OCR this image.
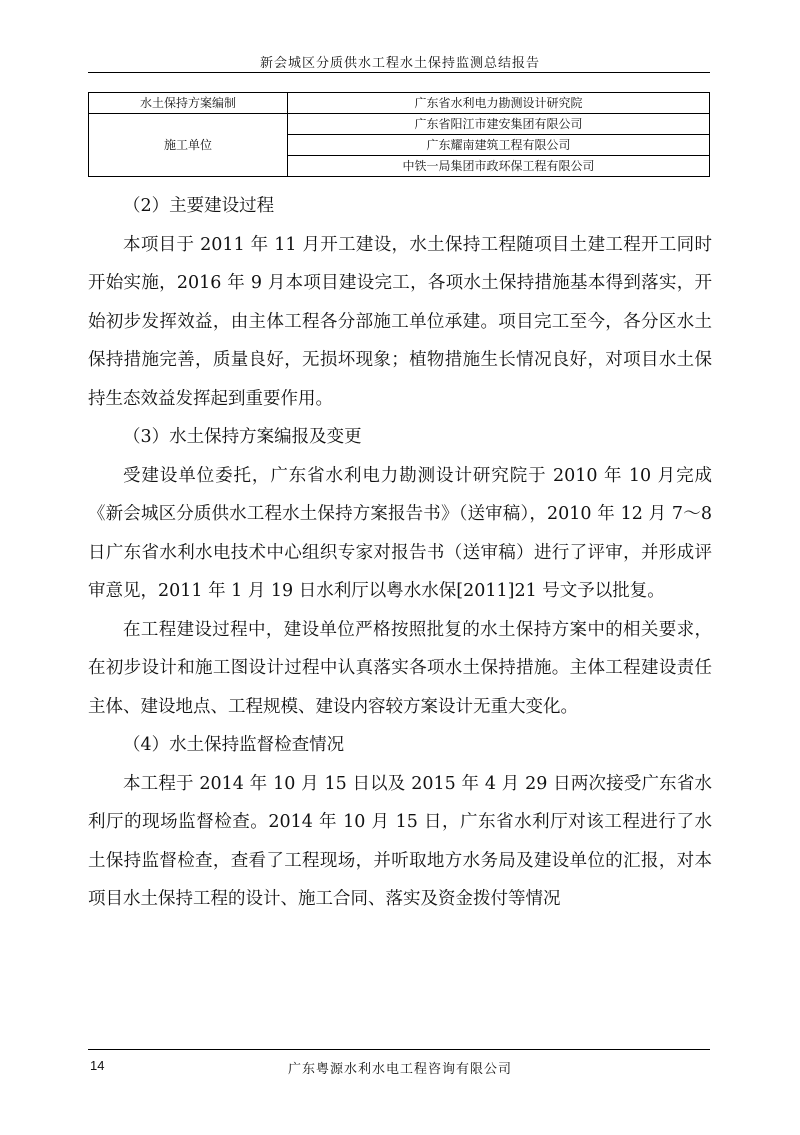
新会城区分质供水工程水土保持监测总结报告
水土保持方案编制	广东省水利电力勘测设计研究院
施工单位	广东省阳江市建安集团有限公司
	广东耀南建筑工程有限公司
	中铁一局集团市政环保工程有限公司

（2）主要建设过程

本项目于 2011 年 11 月开工建设，水土保持工程随项目土建工程开工同时开始实施，2016 年 9 月本项目建设完工，各项水土保持措施基本得到落实，开始初步发挥效益，由主体工程各分部施工单位承建。项目完工至今，各分区水土保持措施完善，质量良好，无损坏现象；植物措施生长情况良好，对项目水土保持生态效益发挥起到重要作用。

（3）水土保持方案编报及变更

受建设单位委托，广东省水利电力勘测设计研究院于 2010 年 10 月完成《新会城区分质供水工程水土保持方案报告书》（送审稿），2010 年 12 月 7～8 日广东省水利水电技术中心组织专家对报告书（送审稿）进行了评审，并形成评审意见，2011 年 1 月 19 日水利厅以粤水水保[2011]21 号文予以批复。

在工程建设过程中，建设单位严格按照批复的水土保持方案中的相关要求，在初步设计和施工图设计过程中认真落实各项水土保持措施。主体工程建设责任主体、建设地点、工程规模、建设内容较方案设计无重大变化。

（4）水土保持监督检查情况

本工程于 2014 年 10 月 15 日以及 2015 年 4 月 29 日两次接受广东省水利厅的现场监督检查。2014 年 10 月 15 日，广东省水利厅对该工程进行了水土保持监督检查，查看了工程现场，并听取地方水务局及建设单位的汇报，对本项目水土保持工程的设计、施工合同、落实及资金拨付等情况

14	广东粤源水利水电工程咨询有限公司
